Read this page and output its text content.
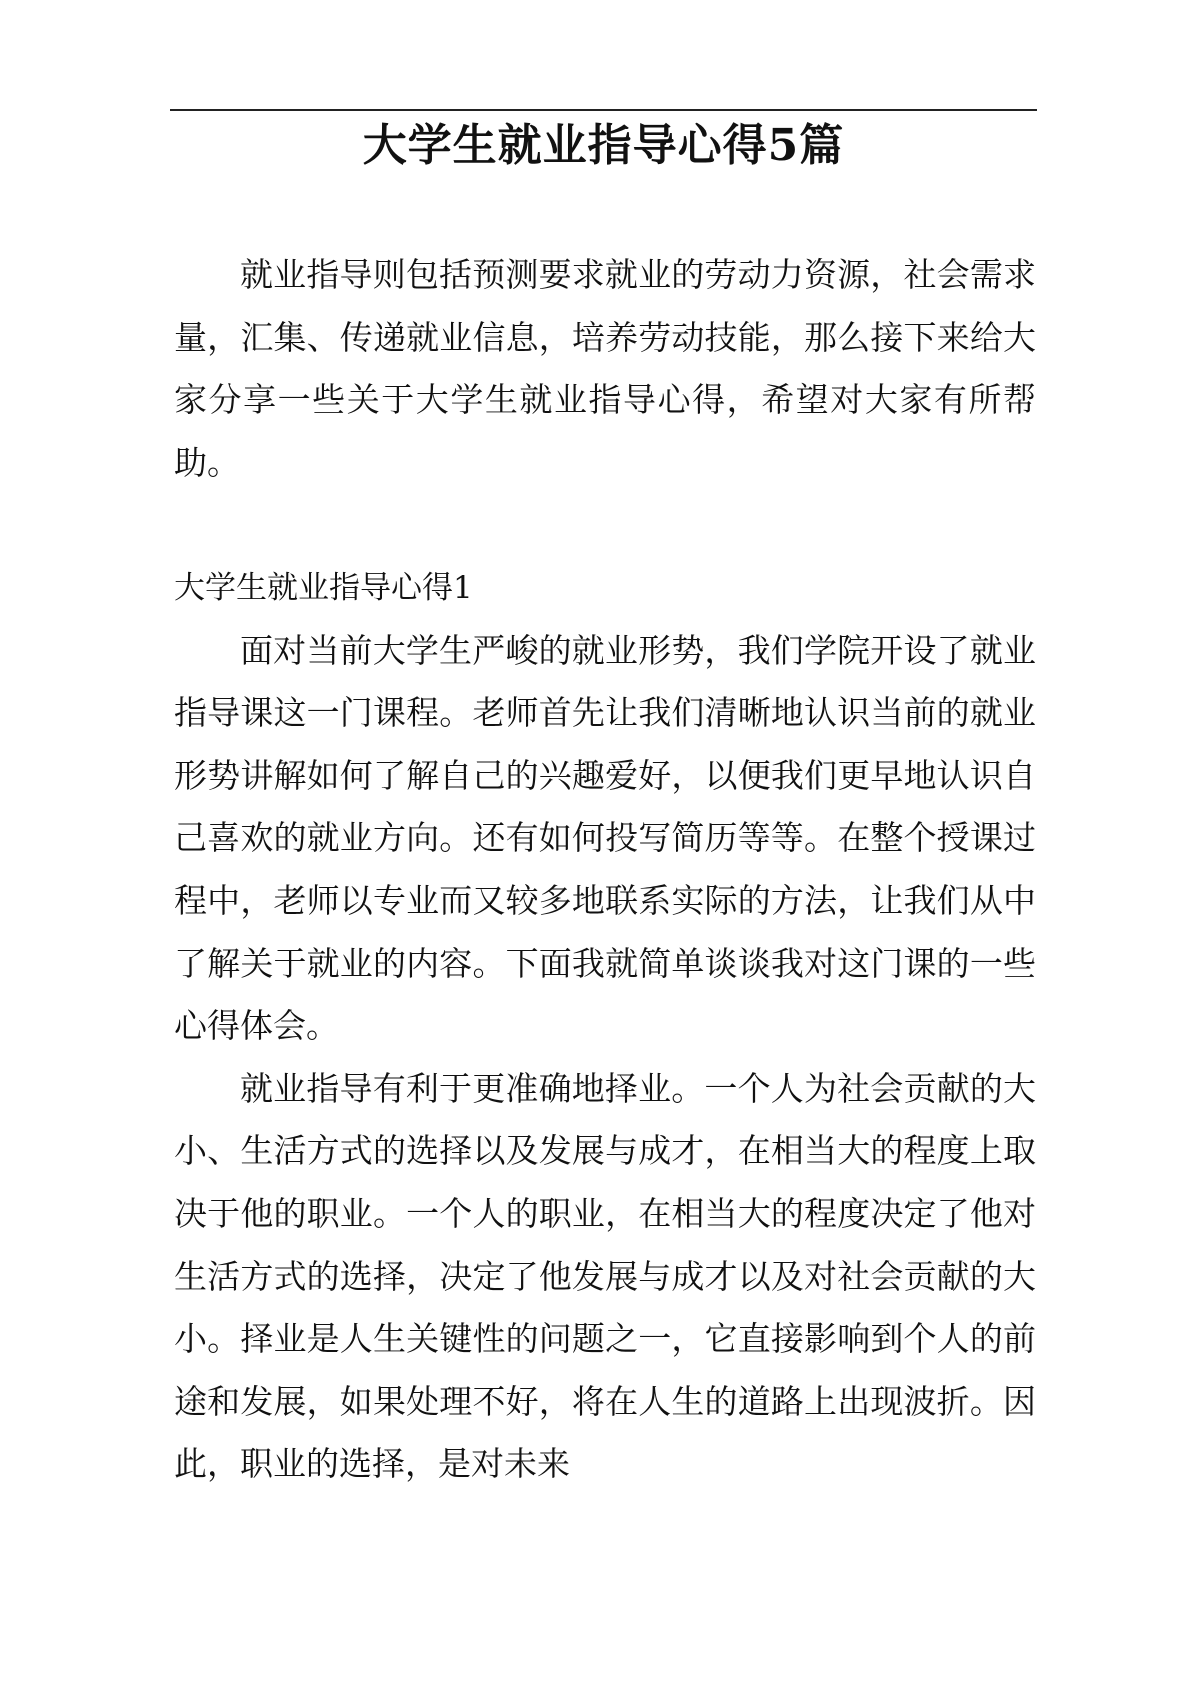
大学生就业指导心得5篇

就业指导则包括预测要求就业的劳动力资源，社会需求量，汇集、传递就业信息，培养劳动技能，那么接下来给大家分享一些关于大学生就业指导心得，希望对大家有所帮助。

大学生就业指导心得1

面对当前大学生严峻的就业形势，我们学院开设了就业指导课这一门课程。老师首先让我们清晰地认识当前的就业形势讲解如何了解自己的兴趣爱好，以便我们更早地认识自己喜欢的就业方向。还有如何投写简历等等。在整个授课过程中，老师以专业而又较多地联系实际的方法，让我们从中了解关于就业的内容。下面我就简单谈谈我对这门课的一些心得体会。

就业指导有利于更准确地择业。一个人为社会贡献的大小、生活方式的选择以及发展与成才，在相当大的程度上取决于他的职业。一个人的职业，在相当大的程度决定了他对生活方式的选择，决定了他发展与成才以及对社会贡献的大小。择业是人生关键性的问题之一，它直接影响到个人的前途和发展，如果处理不好，将在人生的道路上出现波折。因此，职业的选择，是对未来
